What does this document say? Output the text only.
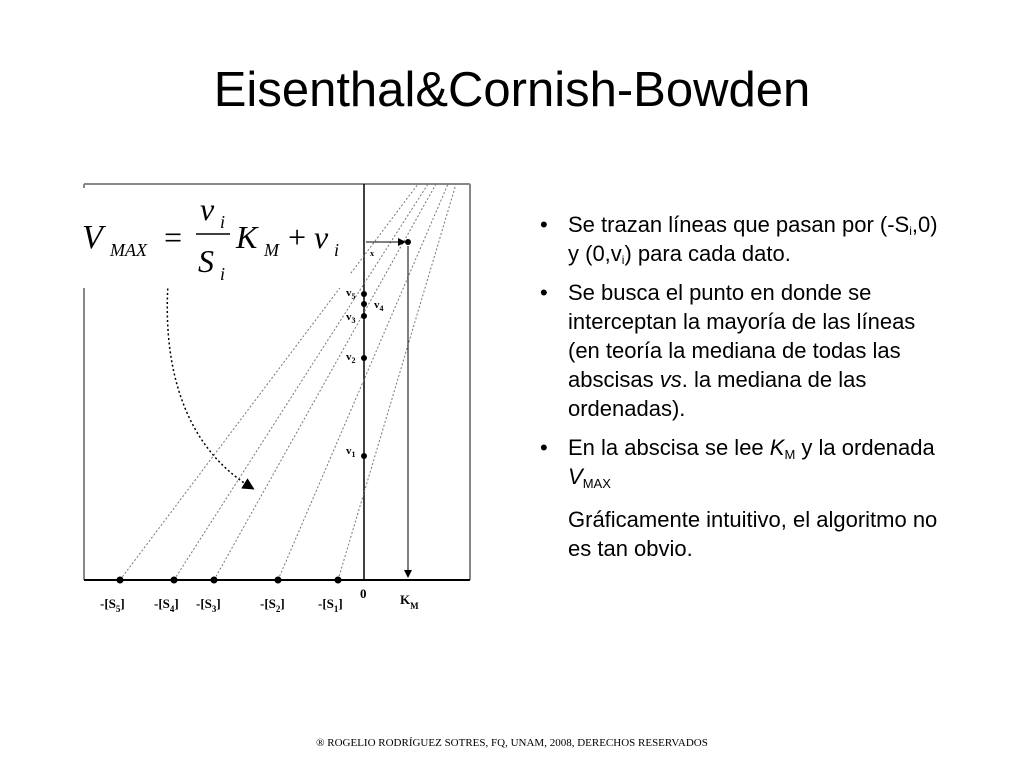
Eisenthal&Cornish-Bowden
$v_5$
$v_4$
$v_3$
$v_2$
$v_1$
x
$-[S_5]$ $-[S_4]$ $-[S_3]$	$-[S_2]$	$-[S_1]$
0	$K_M$
V MAX =
v i
S i
K M + v i
• Se trazan líneas que pasan por $(-S_i,0)$ y $(0,v_i)$ para cada dato.
• Se busca el punto en donde se interceptan la mayoría de las líneas (en teoría la mediana de todas las abscisas vs. la mediana de las ordenadas).
• En la abscisa se lee KM y la ordenada VMAX
Gráficamente intuitivo, el algoritmo no es tan obvio.
® ROGELIO RODRÍGUEZ SOTRES, FQ, UNAM, 2008, DERECHOS RESERVADOS
